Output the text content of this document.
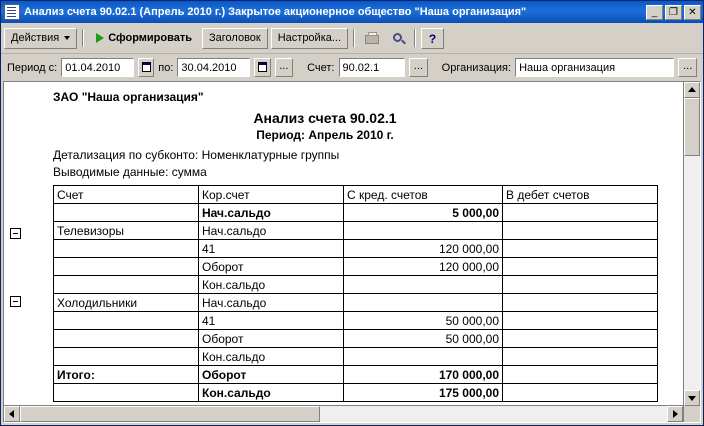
Анализ счета 90.02.1 (Апрель 2010 г.) Закрытое акционерное общество "Наша организация"	_	❐	✕
Действия	Сформировать Заголовок Настройка...	?
Период с: 01.04.2010	по: 30.04.2010	...	Счет: 90.02.1	...	Организация: Наша организация	...
ЗАО "Наша организация"
Анализ счета 90.02.1
Период: Апрель 2010 г.
Детализация по субконто: Номенклатурные группы
Выводимые данные: сумма
Счет	Кор.счет	С кред. счетов	В дебет счетов
	Нач.сальдо	5 000,00	
Телевизоры	Нач.сальдо		
	41	120 000,00	
	Оборот	120 000,00	
	Кон.сальдо		
Холодильники	Нач.сальдо		
	41	50 000,00	
	Оборот	50 000,00	
	Кон.сальдо		
Итого:	Оборот	170 000,00	
	Кон.сальдо	175 000,00	
